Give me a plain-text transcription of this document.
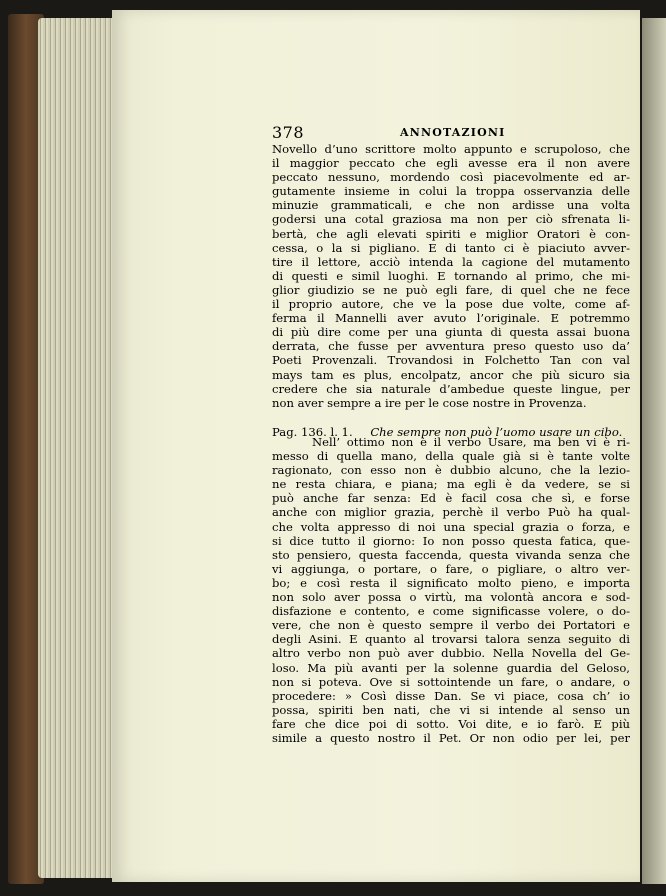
378	ANNOTAZIONI
Novello d’uno scrittore molto appunto e scrupoloso, che
il maggior peccato che egli avesse era il non avere
peccato nessuno, mordendo così piacevolmente ed ar-
gutamente insieme in colui la troppa osservanzia delle
minuzie grammaticali, e che non ardisse una volta
godersi una cotal graziosa ma non per ciò sfrenata li-
bertà, che agli elevati spiriti e miglior Oratori è con-
cessa, o la si pigliano. E di tanto ci è piaciuto avver-
tire il lettore, acciò intenda la cagione del mutamento
di questi e simil luoghi. E tornando al primo, che mi-
glior giudizio se ne può egli fare, di quel che ne fece
il proprio autore, che ve la pose due volte, come af-
ferma il Mannelli aver avuto l’originale. E potremmo
di più dire come per una giunta di questa assai buona
derrata, che fusse per avventura preso questo uso da’
Poeti Provenzali. Trovandosi in Folchetto Tan con val
mays tam es plus, encolpatz, ancor che più sicuro sia
credere che sia naturale d’ambedue queste lingue, per
non aver sempre a ire per le cose nostre in Provenza.
Pag. 136. l. 1. Che sempre non può l’uomo usare un cibo.
Nell’ ottimo non è il verbo Usare, ma ben vi è ri-
messo di quella mano, della quale già si è tante volte
ragionato, con esso non è dubbio alcuno, che la lezio-
ne resta chiara, e piana; ma egli è da vedere, se si
può anche far senza: Ed è facil cosa che sì, e forse
anche con miglior grazia, perchè il verbo Può ha qual-
che volta appresso di noi una special grazia o forza, e
si dice tutto il giorno: Io non posso questa fatica, que-
sto pensiero, questa faccenda, questa vivanda senza che
vi aggiunga, o portare, o fare, o pigliare, o altro ver-
bo; e così resta il significato molto pieno, e importa
non solo aver possa o virtù, ma volontà ancora e sod-
disfazione e contento, e come significasse volere, o do-
vere, che non è questo sempre il verbo dei Portatori e
degli Asini. E quanto al trovarsi talora senza seguito di
altro verbo non può aver dubbio. Nella Novella del Ge-
loso. Ma più avanti per la solenne guardia del Geloso,
non si poteva. Ove si sottointende un fare, o andare, o
procedere: » Così disse Dan. Se vi piace, cosa ch’ io
possa, spiriti ben nati, che vi si intende al senso un
fare che dice poi di sotto. Voi dite, e io farò. E più
simile a questo nostro il Pet. Or non odio per lei, per
